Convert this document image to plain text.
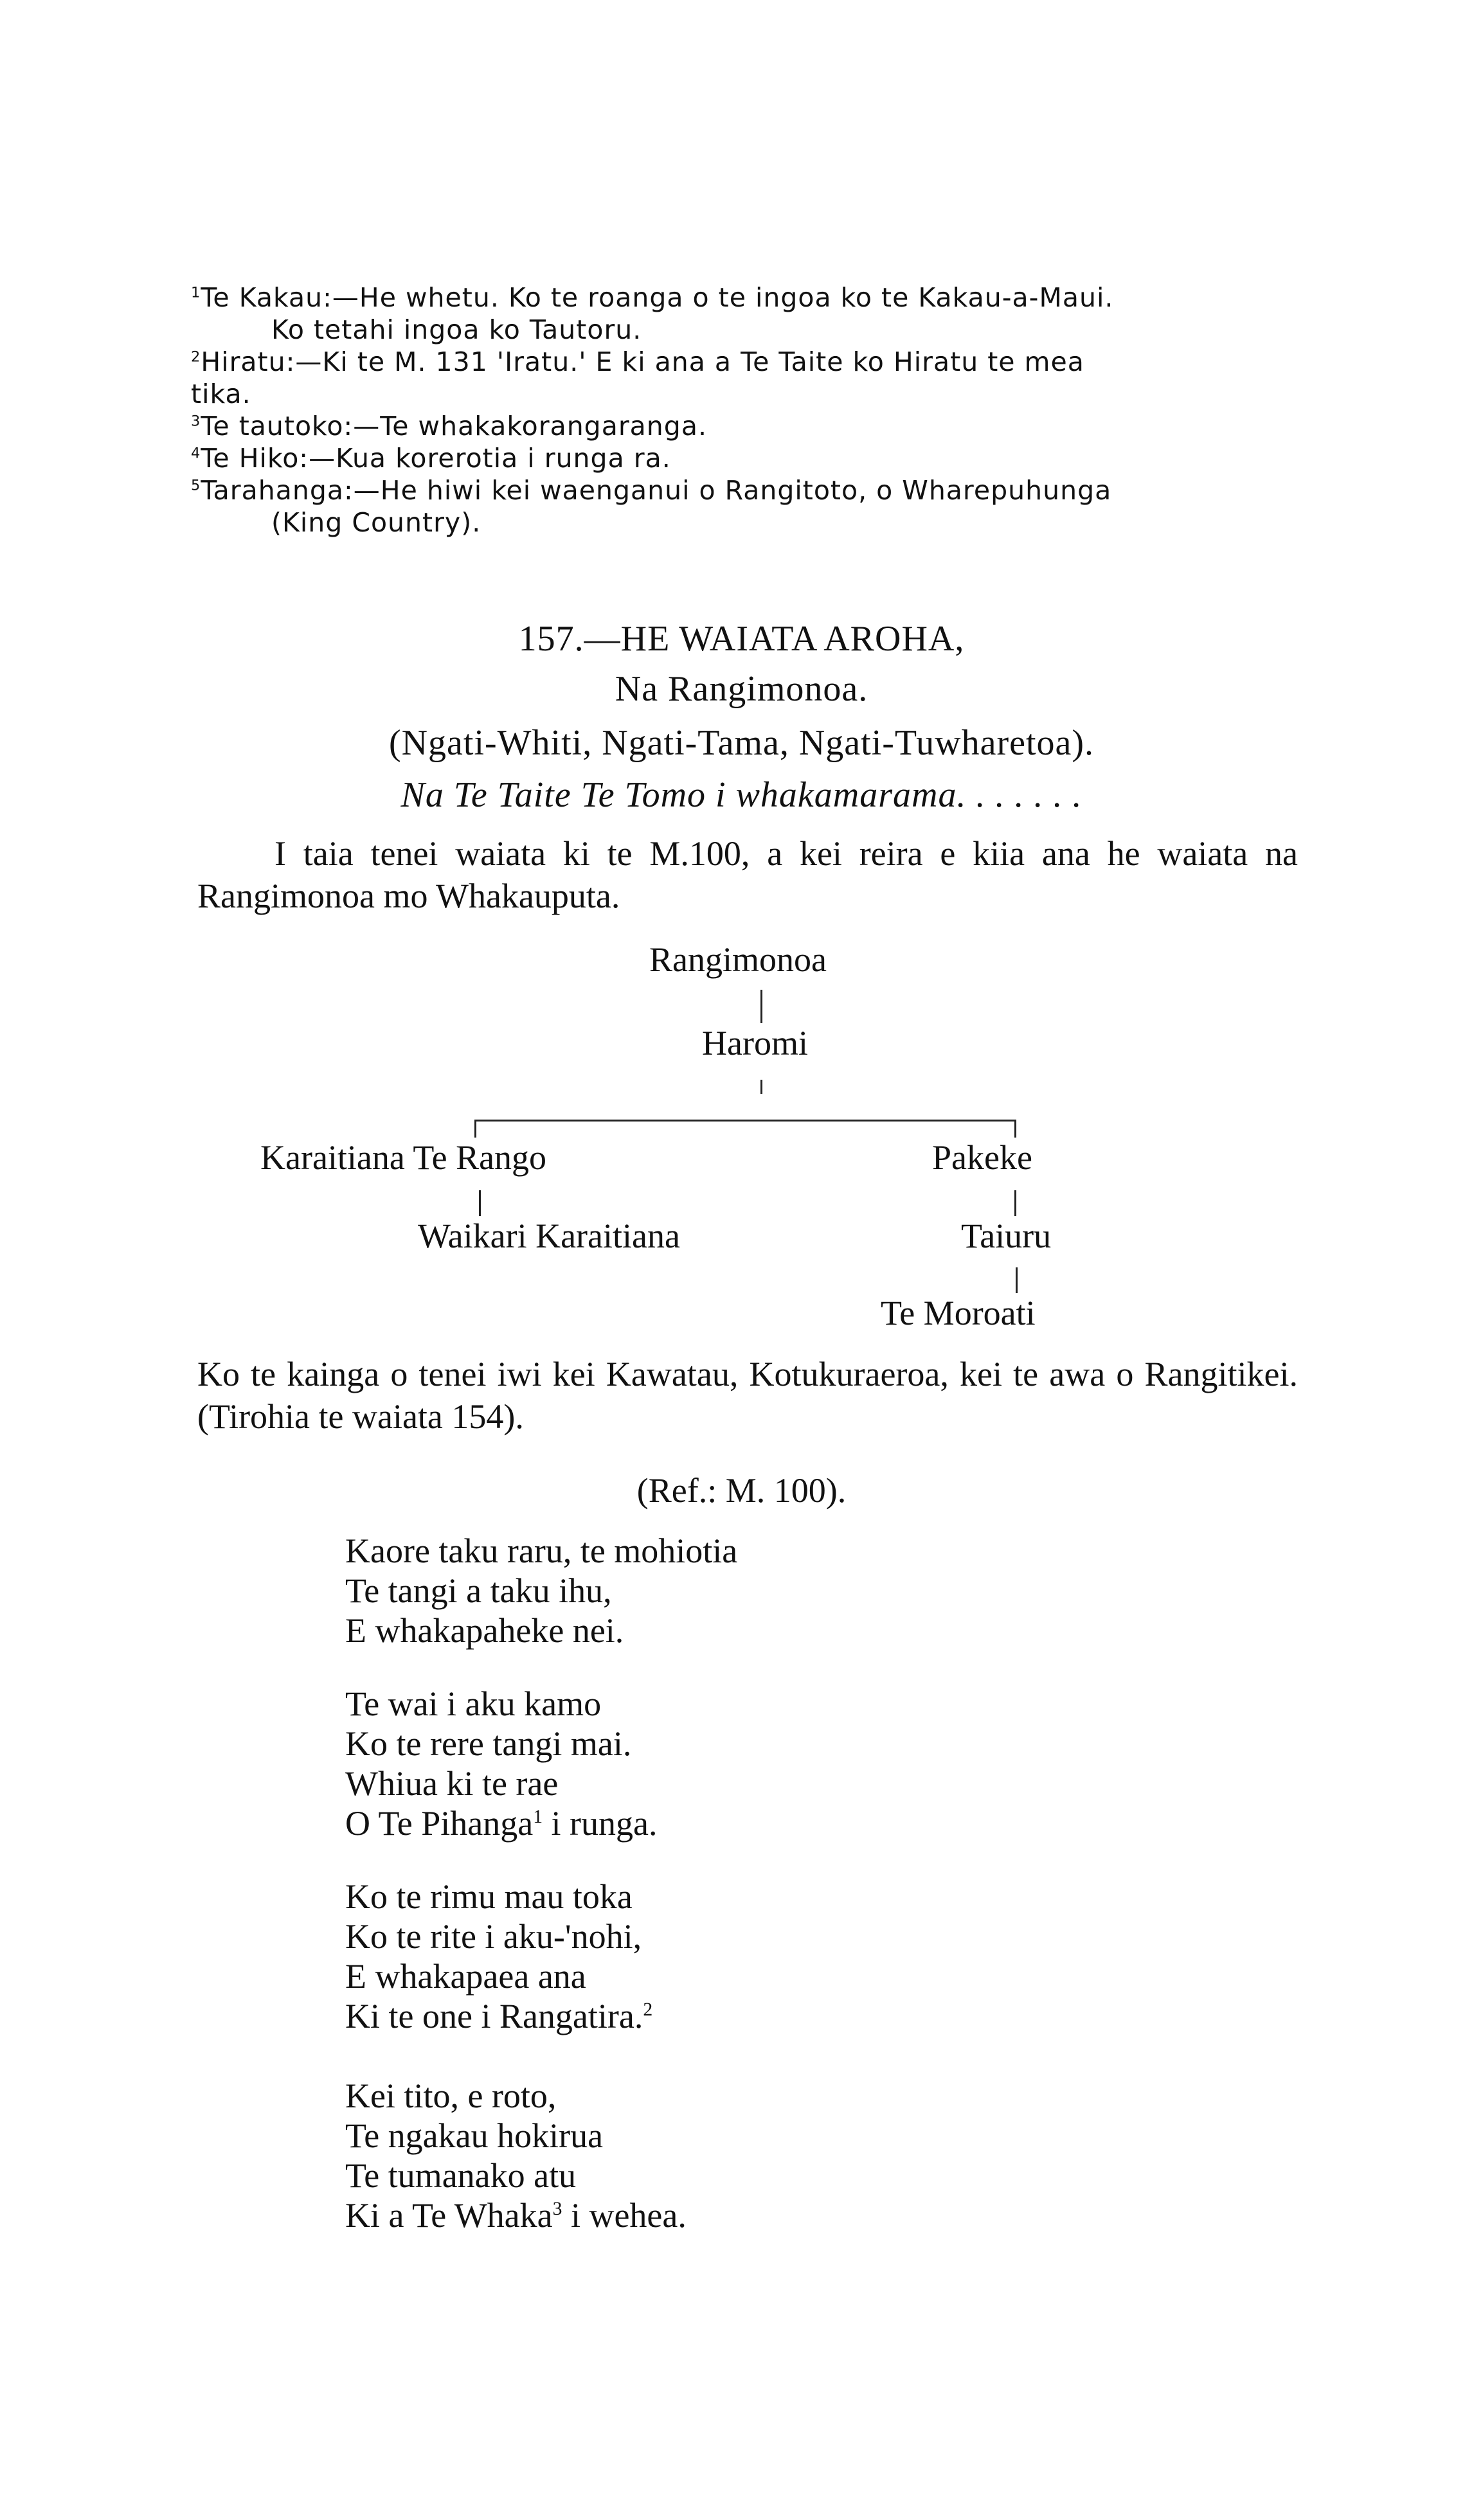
$^1$Te Kakau:—He whetu. Ko te roanga o te ingoa ko te Kakau-a-Maui.
Ko tetahi ingoa ko Tautoru.
$^2$Hiratu:—Ki te M. 131 'Iratu.' E ki ana a Te Taite ko Hiratu te mea
tika.
$^3$Te tautoko:—Te whakakorangaranga.
$^4$Te Hiko:—Kua korerotia i runga ra.
$^5$Tarahanga:—He hiwi kei waenganui o Rangitoto, o Wharepuhunga
(King Country).
157.—HE WAIATA AROHA,
Na Rangimonoa.
(Ngati-Whiti, Ngati-Tama, Ngati-Tuwharetoa).
Na Te Taite Te Tomo i whakamarama. . . . . . .
I taia tenei waiata ki te M.100, a kei reira e kiia ana he waiata na Rangimonoa mo Whakauputa.
Rangimonoa
Haromi
Karaitiana Te Rango
Waikari Karaitiana
Pakeke
Taiuru
Te Moroati
Ko te kainga o tenei iwi kei Kawatau, Kotukuraeroa, kei te awa o Rangitikei. (Tirohia te waiata 154).
(Ref.: M. 100).
Kaore taku raru, te mohiotia
Te tangi a taku ihu,
E whakapaheke nei.
Te wai i aku kamo
Ko te rere tangi mai.
Whiua ki te rae
O Te Pihanga$^1$ i runga.
Ko te rimu mau toka
Ko te rite i aku-'nohi,
E whakapaea ana
Ki te one i Rangatira.$^2$
Kei tito, e roto,
Te ngakau hokirua
Te tumanako atu
Ki a Te Whaka$^3$ i wehea.
